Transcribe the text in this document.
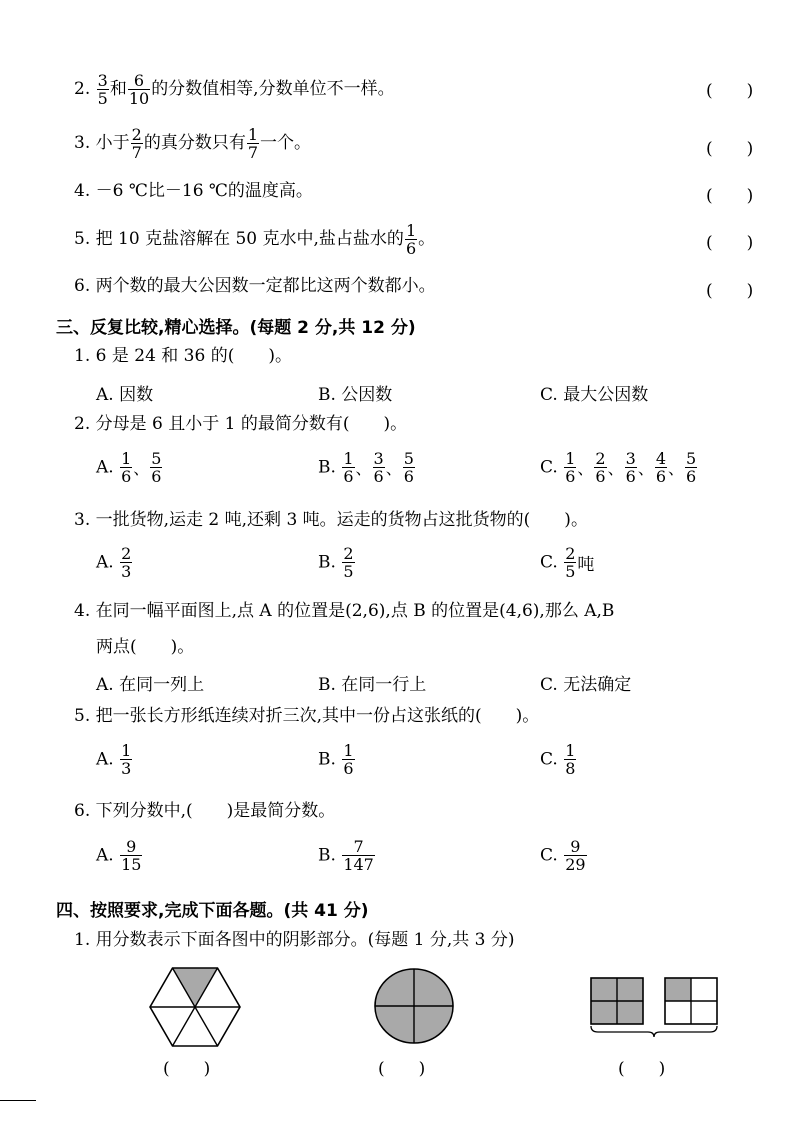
2. $\frac{3}{5}$ 和 $\frac{6}{10}$ 的分数值相等,分数单位不一样。	(　　)
3. 小于 $\frac{2}{7}$ 的真分数只有 $\frac{1}{7}$ 一个。	(　　)
4. －6 ℃比－16 ℃的温度高。	(　　)
5. 把 10 克盐溶解在 50 克水中,盐占盐水的 $\frac{1}{6}$ 。	(　　)
6. 两个数的最大公因数一定都比这两个数都小。	(　　)
三、反复比较,精心选择。(每题 2 分,共 12 分)
1. 6 是 24 和 36 的(　　)。
A. 因数	B. 公因数	C. 最大公因数
2. 分母是 6 且小于 1 的最简分数有(　　)。
A. $\frac{1}{6}$ 、 $\frac{5}{6}$	B. $\frac{1}{6}$ 、 $\frac{3}{6}$ 、 $\frac{5}{6}$	C. $\frac{1}{6}$ 、 $\frac{2}{6}$ 、 $\frac{3}{6}$ 、 $\frac{4}{6}$ 、 $\frac{5}{6}$
3. 一批货物,运走 2 吨,还剩 3 吨。运走的货物占这批货物的(　　)。
A. $\frac{2}{3}$	B. $\frac{2}{5}$	C. $\frac{2}{5}$ 吨
4. 在同一幅平面图上,点 A 的位置是(2,6),点 B 的位置是(4,6),那么 A,B
两点(　　)。
A. 在同一列上	B. 在同一行上	C. 无法确定
5. 把一张长方形纸连续对折三次,其中一份占这张纸的(　　)。
A. $\frac{1}{3}$	B. $\frac{1}{6}$	C. $\frac{1}{8}$
6. 下列分数中,(　　)是最简分数。
A. $\frac{9}{15}$	B. $\frac{7}{147}$	C. $\frac{9}{29}$
四、按照要求,完成下面各题。(共 41 分)
1. 用分数表示下面各图中的阴影部分。(每题 1 分,共 3 分)
(　　)	(　　)	(　　)
